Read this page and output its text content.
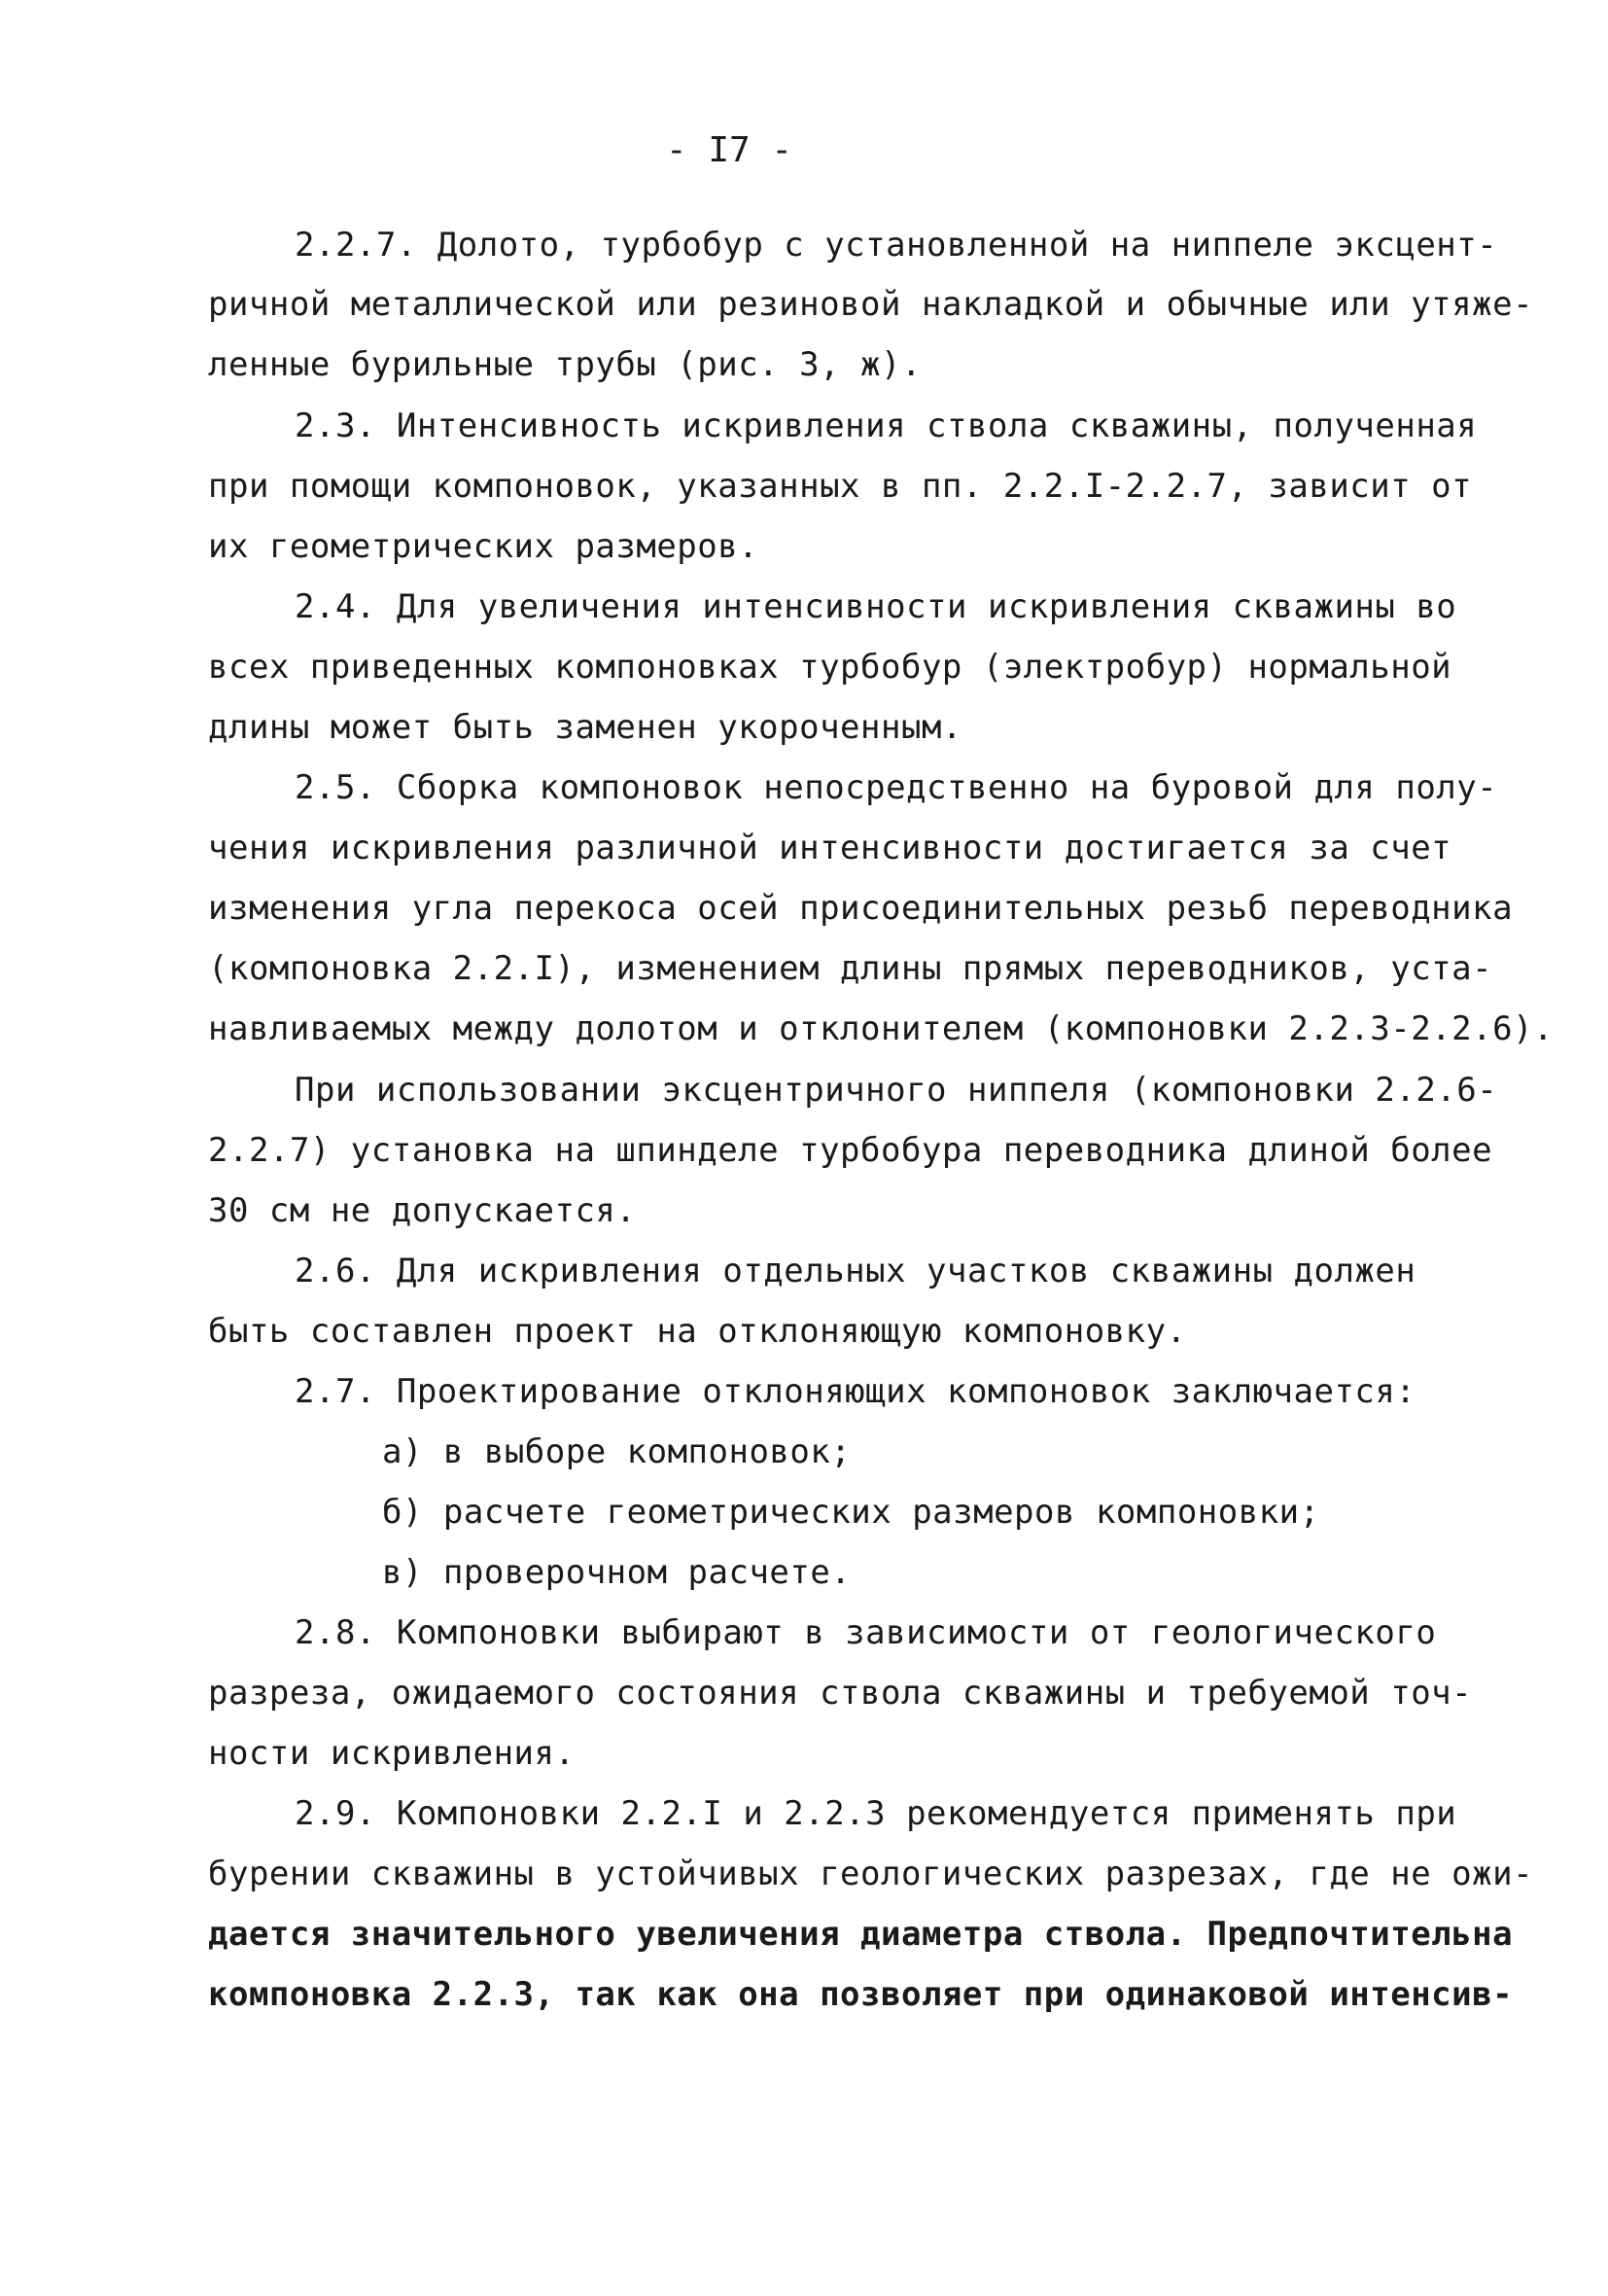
- I7 -
2.2.7. Долото, турбобур с установленной на ниппеле эксцент-
ричной металлической или резиновой накладкой и обычные или утяже-
ленные бурильные трубы (рис. 3, ж).
2.3. Интенсивность искривления ствола скважины, полученная
при помощи компоновок, указанных в пп. 2.2.I-2.2.7, зависит от
их геометрических размеров.
2.4. Для увеличения интенсивности искривления скважины во
всех приведенных компоновках турбобур (электробур) нормальной
длины может быть заменен укороченным.
2.5. Сборка компоновок непосредственно на буровой для полу-
чения искривления различной интенсивности достигается за счет
изменения угла перекоса осей присоединительных резьб переводника
(компоновка 2.2.I), изменением длины прямых переводников, уста-
навливаемых между долотом и отклонителем (компоновки 2.2.3-2.2.6).
При использовании эксцентричного ниппеля (компоновки 2.2.6-
2.2.7) установка на шпинделе турбобура переводника длиной более
30 см не допускается.
2.6. Для искривления отдельных участков скважины должен
быть составлен проект на отклоняющую компоновку.
2.7. Проектирование отклоняющих компоновок заключается:
а) в выборе компоновок;
б) расчете геометрических размеров компоновки;
в) проверочном расчете.
2.8. Компоновки выбирают в зависимости от геологического
разреза, ожидаемого состояния ствола скважины и требуемой точ-
ности искривления.
2.9. Компоновки 2.2.I и 2.2.3 рекомендуется применять при
бурении скважины в устойчивых геологических разрезах, где не ожи-
дается значительного увеличения диаметра ствола. Предпочтительна
компоновка 2.2.3, так как она позволяет при одинаковой интенсив-
